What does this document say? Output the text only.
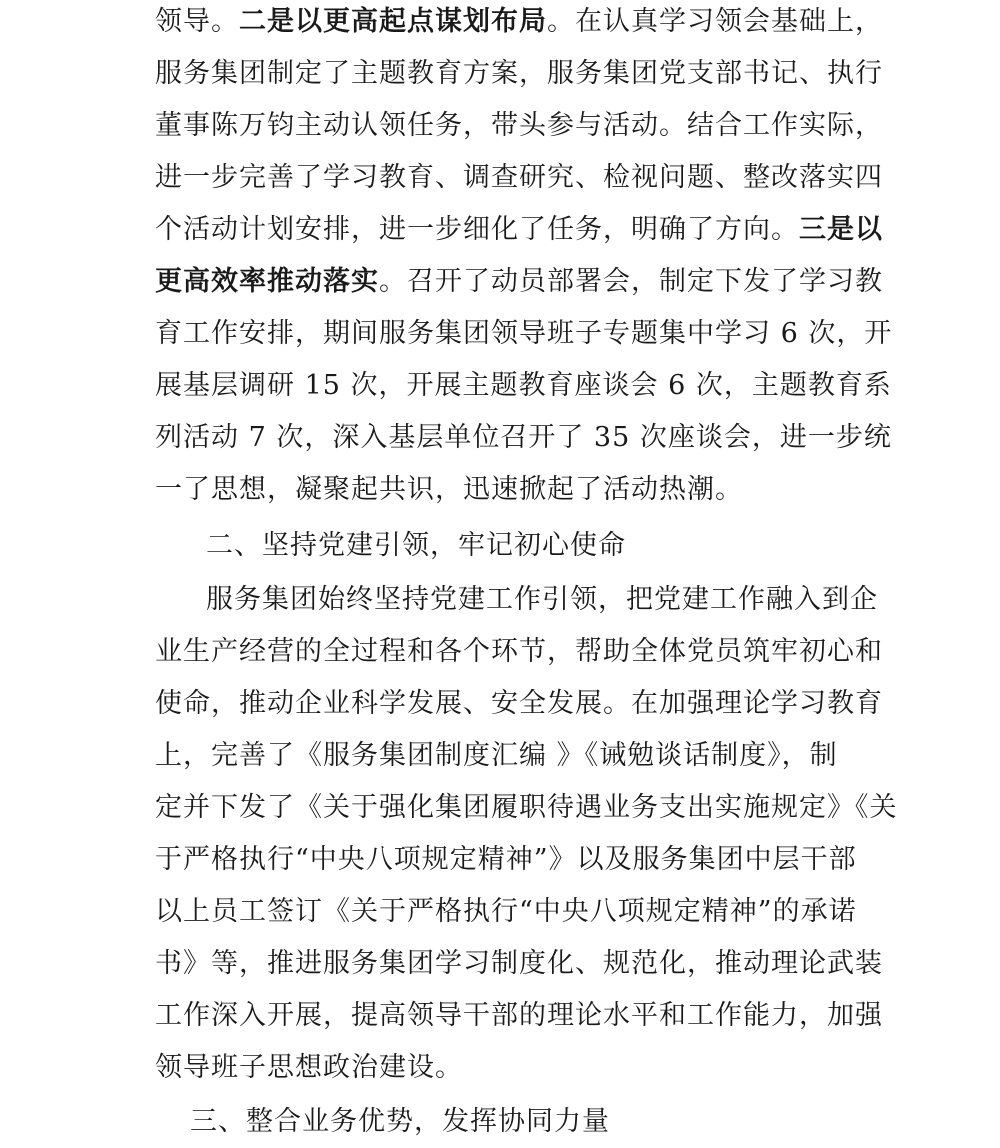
领导。二是以更高起点谋划布局。在认真学习领会基础上，
服务集团制定了主题教育方案，服务集团党支部书记、执行
董事陈万钧主动认领任务，带头参与活动。结合工作实际，
进一步完善了学习教育、调查研究、检视问题、整改落实四
个活动计划安排，进一步细化了任务，明确了方向。三是以
更高效率推动落实。召开了动员部署会，制定下发了学习教
育工作安排，期间服务集团领导班子专题集中学习 6 次，开
展基层调研 15 次，开展主题教育座谈会 6 次，主题教育系
列活动 7 次，深入基层单位召开了 35 次座谈会，进一步统
一了思想，凝聚起共识，迅速掀起了活动热潮。
二、坚持党建引领，牢记初心使命
服务集团始终坚持党建工作引领，把党建工作融入到企
业生产经营的全过程和各个环节，帮助全体党员筑牢初心和
使命，推动企业科学发展、安全发展。在加强理论学习教育
上，完善了《服务集团制度汇编 》《诫勉谈话制度》，制
定并下发了《关于强化集团履职待遇业务支出实施规定》《关
于严格执行“中央八项规定精神”》以及服务集团中层干部
以上员工签订《关于严格执行“中央八项规定精神”的承诺
书》等，推进服务集团学习制度化、规范化，推动理论武装
工作深入开展，提高领导干部的理论水平和工作能力，加强
领导班子思想政治建设。
三、整合业务优势，发挥协同力量
